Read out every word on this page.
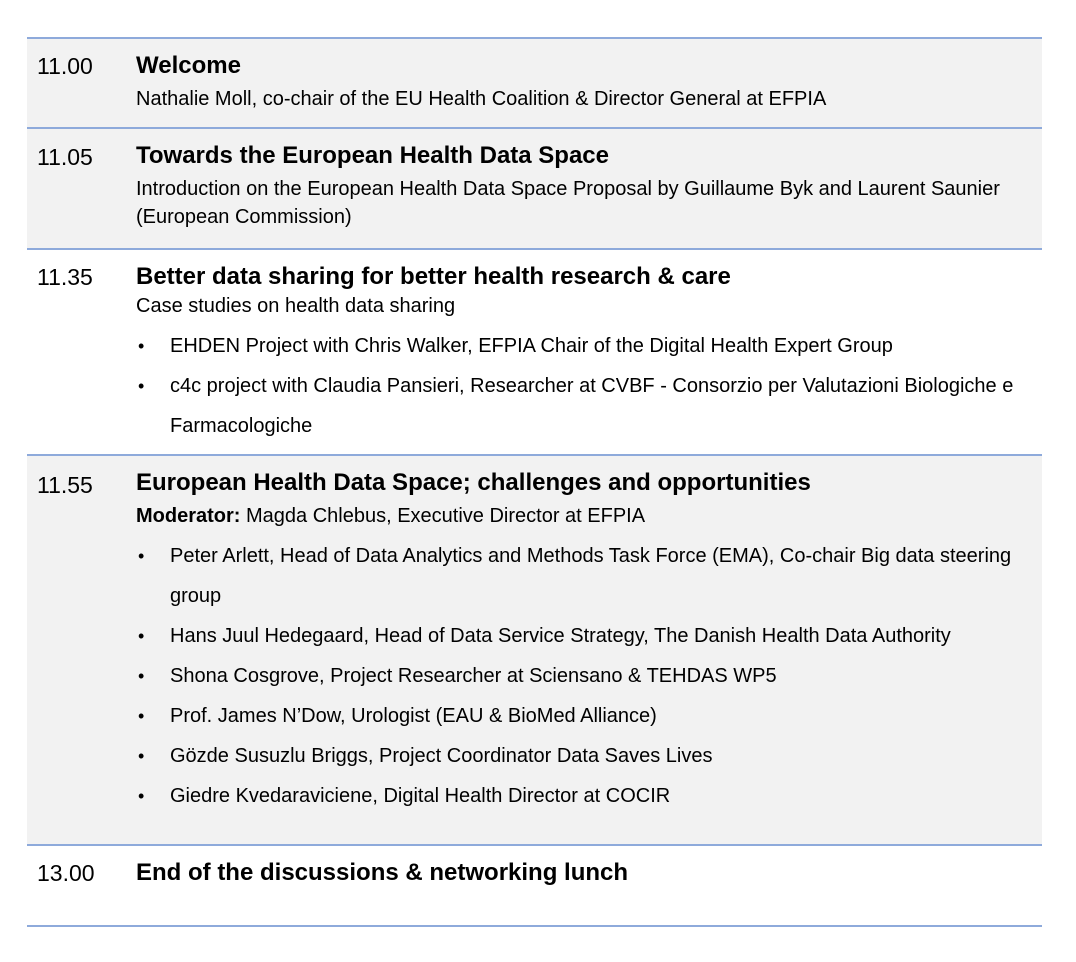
11.00 Welcome
Nathalie Moll, co-chair of the EU Health Coalition & Director General at EFPIA
11.05 Towards the European Health Data Space
Introduction on the European Health Data Space Proposal by Guillaume Byk and Laurent Saunier (European Commission)
11.35 Better data sharing for better health research & care
Case studies on health data sharing
• EHDEN Project with Chris Walker, EFPIA Chair of the Digital Health Expert Group
• c4c project with Claudia Pansieri, Researcher at CVBF - Consorzio per Valutazioni Biologiche e Farmacologiche
11.55 European Health Data Space; challenges and opportunities
Moderator: Magda Chlebus, Executive Director at EFPIA
• Peter Arlett, Head of Data Analytics and Methods Task Force (EMA), Co-chair Big data steering group
• Hans Juul Hedegaard, Head of Data Service Strategy, The Danish Health Data Authority
• Shona Cosgrove, Project Researcher at Sciensano & TEHDAS WP5
• Prof. James N’Dow, Urologist (EAU & BioMed Alliance)
• Gözde Susuzlu Briggs, Project Coordinator Data Saves Lives
• Giedre Kvedaraviciene, Digital Health Director at COCIR
13.00 End of the discussions & networking lunch
